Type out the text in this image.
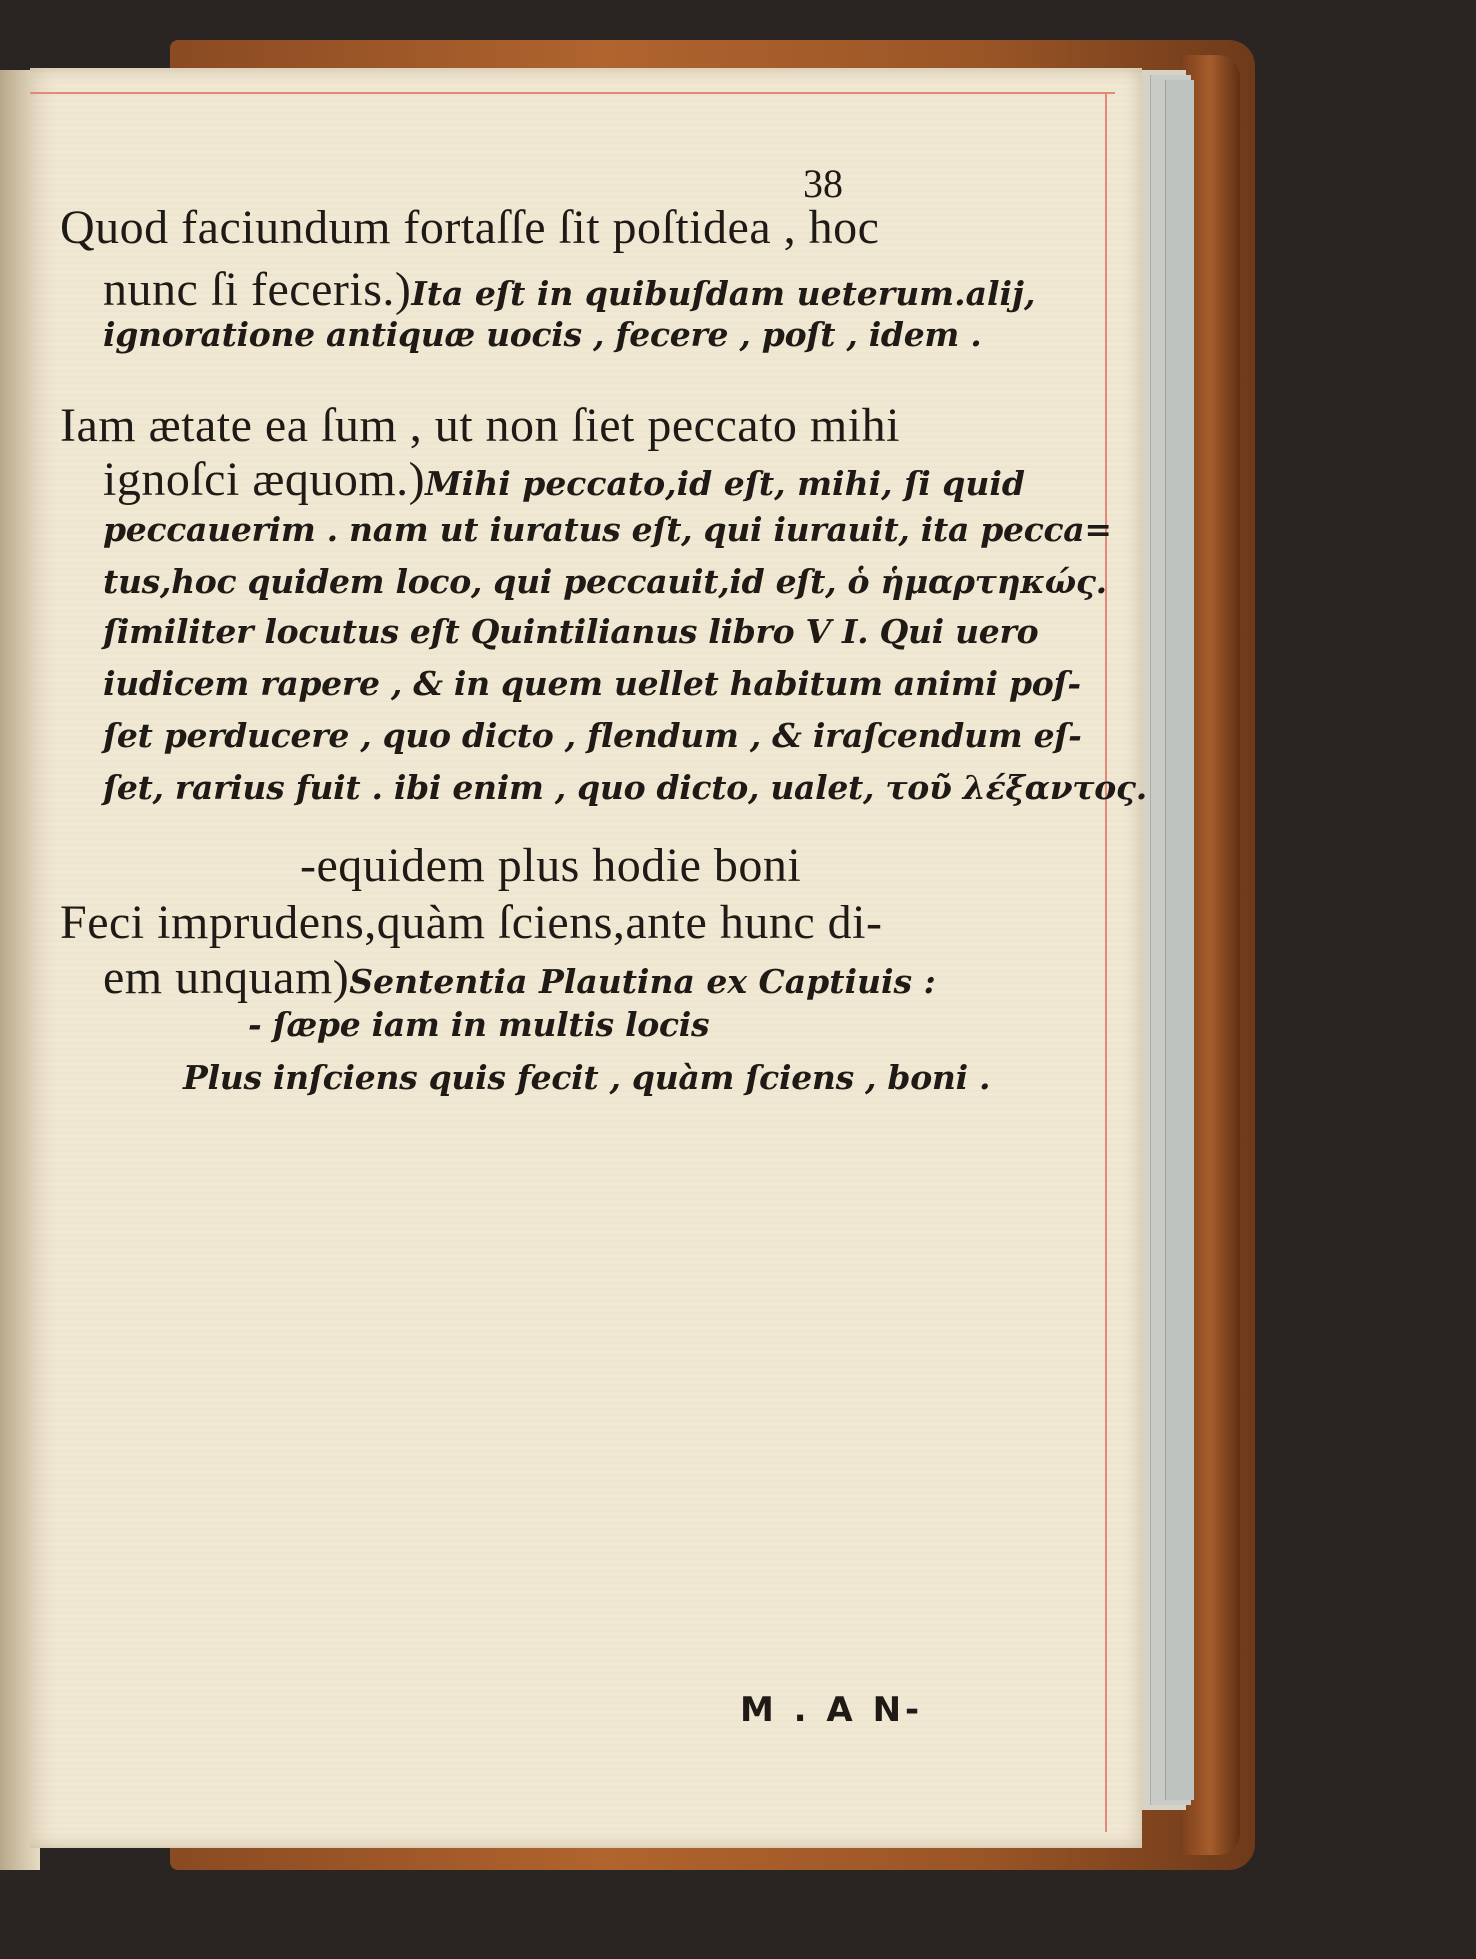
38
Quod faciundum fortaſſe ſit poſtidea , hoc
nunc ſi feceris.)Ita eſt in quibuſdam ueterum.alij,
ignoratione antiquæ uocis , fecere , poſt , idem .
Iam ætate ea ſum , ut non ſiet peccato mihi
ignoſci æquom.)Mihi peccato,id eſt, mihi, ſi quid
peccauerim . nam ut iuratus eſt, qui iurauit, ita pecca=
tus,hoc quidem loco, qui peccauit,id eſt, ὁ ἡμαρτηκώς.
ſimiliter locutus eſt Quintilianus libro V I. Qui uero
iudicem rapere , & in quem uellet habitum animi poſ-
ſet perducere , quo dicto , flendum , & iraſcendum eſ-
ſet, rarius fuit . ibi enim , quo dicto, ualet, τοῦ λέξαντος.
-equidem plus hodie boni
Feci imprudens,quàm ſciens,ante hunc di-
em unquam)Sententia Plautina ex Captiuis :
- ſæpe iam in multis locis
Plus inſciens quis fecit , quàm ſciens , boni .
M . A N-
